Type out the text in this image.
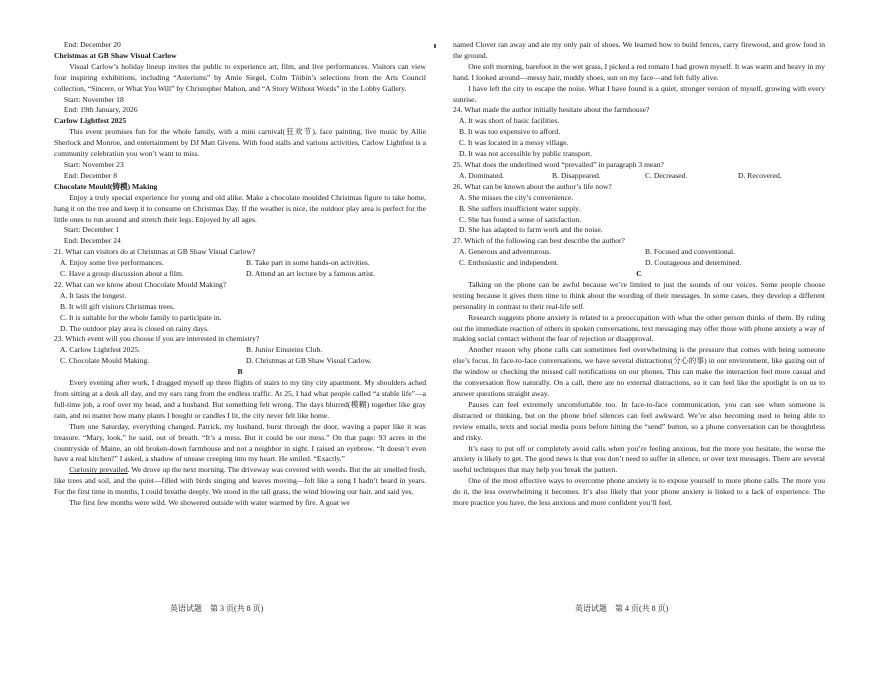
End: December 20

Christmas at GB Shaw Visual Carlow

Visual Carlow’s holiday lineup invites the public to experience art, film, and live performances. Visitors can view four inspiring exhibitions, including “Asterisms” by Amie Siegel, Colm Tóibín’s selections from the Arts Council collection, “Sincere, or What You Will” by Christopher Mahon, and “A Story Without Words” in the Lobby Gallery.

Start: November 18

End: 19th January, 2026

Carlow Lightfest 2025

This event promises fun for the whole family, with a mini carnival(狂欢节), face painting, live music by Allie Sherlock and Monroe, and entertainment by DJ Matt Givens. With food stalls and various activities, Carlow Lightfest is a community celebration you won’t want to miss.

Start: November 23

End: December 8

Chocolate Mould(铸模) Making

Enjoy a truly special experience for young and old alike. Make a chocolate moulded Christmas figure to take home, hang it on the tree and keep it to consume on Christmas Day. If the weather is nice, the outdoor play area is perfect for the little ones to run around and stretch their legs. Enjoyed by all ages.

Start: December 1

End: December 24

21. What can visitors do at Christmas at GB Shaw Visual Carlow?

A. Enjoy some live performances.	B. Take part in some hands-on activities.
C. Have a group discussion about a film.	D. Attend an art lecture by a famous artist.

22. What can we know about Chocolate Mould Making?

A. It lasts the longest.

B. It will gift visitors Christmas trees.

C. It is suitable for the whole family to participate in.

D. The outdoor play area is closed on rainy days.

23. Which event will you choose if you are interested in chemistry?

A. Carlow Lightfest 2025.	B. Junior Einsteins Club.
C. Chocolate Mould Making.	D. Christmas at GB Shaw Visual Carlow.

B

Every evening after work, I dragged myself up three flights of stairs to my tiny city apartment. My shoulders ached from sitting at a desk all day, and my ears rang from the endless traffic. At 25, I had what people called “a stable life”—a full-time job, a roof over my head, and a husband. But something felt wrong. The days blurred(模糊) together like gray rain, and no matter how many plants I bought or candles I lit, the city never felt like home.

Then one Saturday, everything changed. Patrick, my husband, burst through the door, waving a paper like it was treasure. “Mary, look,” he said, out of breath. “It’s a mess. But it could be our mess.” On that page: 93 acres in the countryside of Maine, an old broken-down farmhouse and not a neighbor in sight. I raised an eyebrow. “It doesn’t even have a real kitchen?” I asked, a shadow of unease creeping into my heart. He smiled. “Exactly.”

Curiosity prevailed. We drove up the next morning. The driveway was covered with weeds. But the air smelled fresh, like trees and soil, and the quiet—filled with birds singing and leaves moving—felt like a song I hadn’t heard in years. For the first time in months, I could breathe deeply. We stood in the tall grass, the wind blowing our hair, and said yes.

The first few months were wild. We showered outside with water warmed by fire. A goat we

named Clover ran away and ate my only pair of shoes. We learned how to build fences, carry firewood, and grow food in the ground.

One soft morning, barefoot in the wet grass, I picked a red tomato I had grown myself. It was warm and heavy in my hand. I looked around—messy hair, muddy shoes, sun on my face—and felt fully alive.

I have left the city to escape the noise. What I have found is a quiet, stronger version of myself, growing with every sunrise.

24. What made the author initially hesitate about the farmhouse?

A. It was short of basic facilities.

B. It was too expensive to afford.

C. It was located in a messy village.

D. It was not accessible by public transport.

25. What does the underlined word “prevailed” in paragraph 3 mean?

A. Dominated.	B. Disappeared.	C. Decreased.	D. Recovered.

26. What can be known about the author’s life now?

A. She misses the city’s convenience.

B. She suffers insufficient water supply.

C. She has found a sense of satisfaction.

D. She has adapted to farm work and the noise.

27. Which of the following can best describe the author?

A. Generous and adventurous.	B. Focused and conventional.
C. Enthusiastic and independent.	D. Courageous and determined.

C

Talking on the phone can be awful because we’re limited to just the sounds of our voices. Some people choose texting because it gives them time to think about the wording of their messages. In some cases, they develop a different personality in contrast to their real-life self.

Research suggests phone anxiety is related to a preoccupation with what the other person thinks of them. By ruling out the immediate reaction of others in spoken conversations, text messaging may offer those with phone anxiety a way of making social contact without the fear of rejection or disapproval.

Another reason why phone calls can sometimes feel overwhelming is the pressure that comes with being someone else’s focus. In face-to-face conversations, we have several distractions(分心的事) in our environment, like gazing out of the window or checking the missed call notifications on our phones. This can make the interaction feel more casual and the conversation flow naturally. On a call, there are no external distractions, so it can feel like the spotlight is on us to answer questions straight away.

Pauses can feel extremely uncomfortable too. In face-to-face communication, you can see when someone is distracted or thinking, but on the phone brief silences can feel awkward. We’re also becoming used to being able to review emails, texts and social media posts before hitting the “send” button, so a phone conversation can be thoughtless and risky.

It’s easy to put off or completely avoid calls when you’re feeling anxious, but the more you hesitate, the worse the anxiety is likely to get. The good news is that you don’t need to suffer in silence, or over text messages. There are several useful techniques that may help you break the pattern.

One of the most effective ways to overcome phone anxiety is to expose yourself to more phone calls. The more you do it, the less overwhelming it becomes. It’s also likely that your phone anxiety is linked to a lack of experience. The more practice you have, the less anxious and more confident you’ll feel.

英语试题　第 3 页(共 8 页)	英语试题　第 4 页(共 8 页)
